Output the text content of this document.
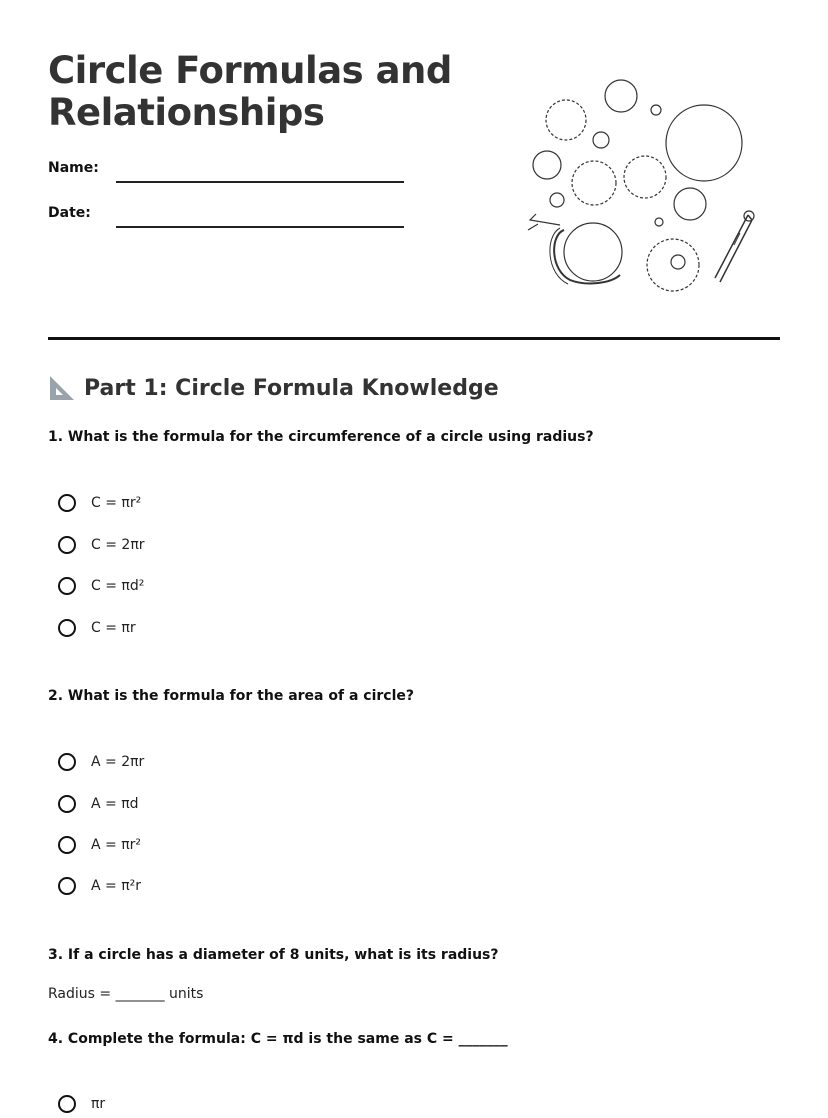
Circle Formulas and
Relationships
Name:
Date:
Part 1: Circle Formula Knowledge

1. What is the formula for the circumference of a circle using radius?

C = πr²
C = 2πr
C = πd²
C = πr

2. What is the formula for the area of a circle?

A = 2πr
A = πd
A = πr²
A = π²r

3. If a circle has a diameter of 8 units, what is its radius?

Radius = _______ units

4. Complete the formula: C = πd is the same as C = _______

πr
